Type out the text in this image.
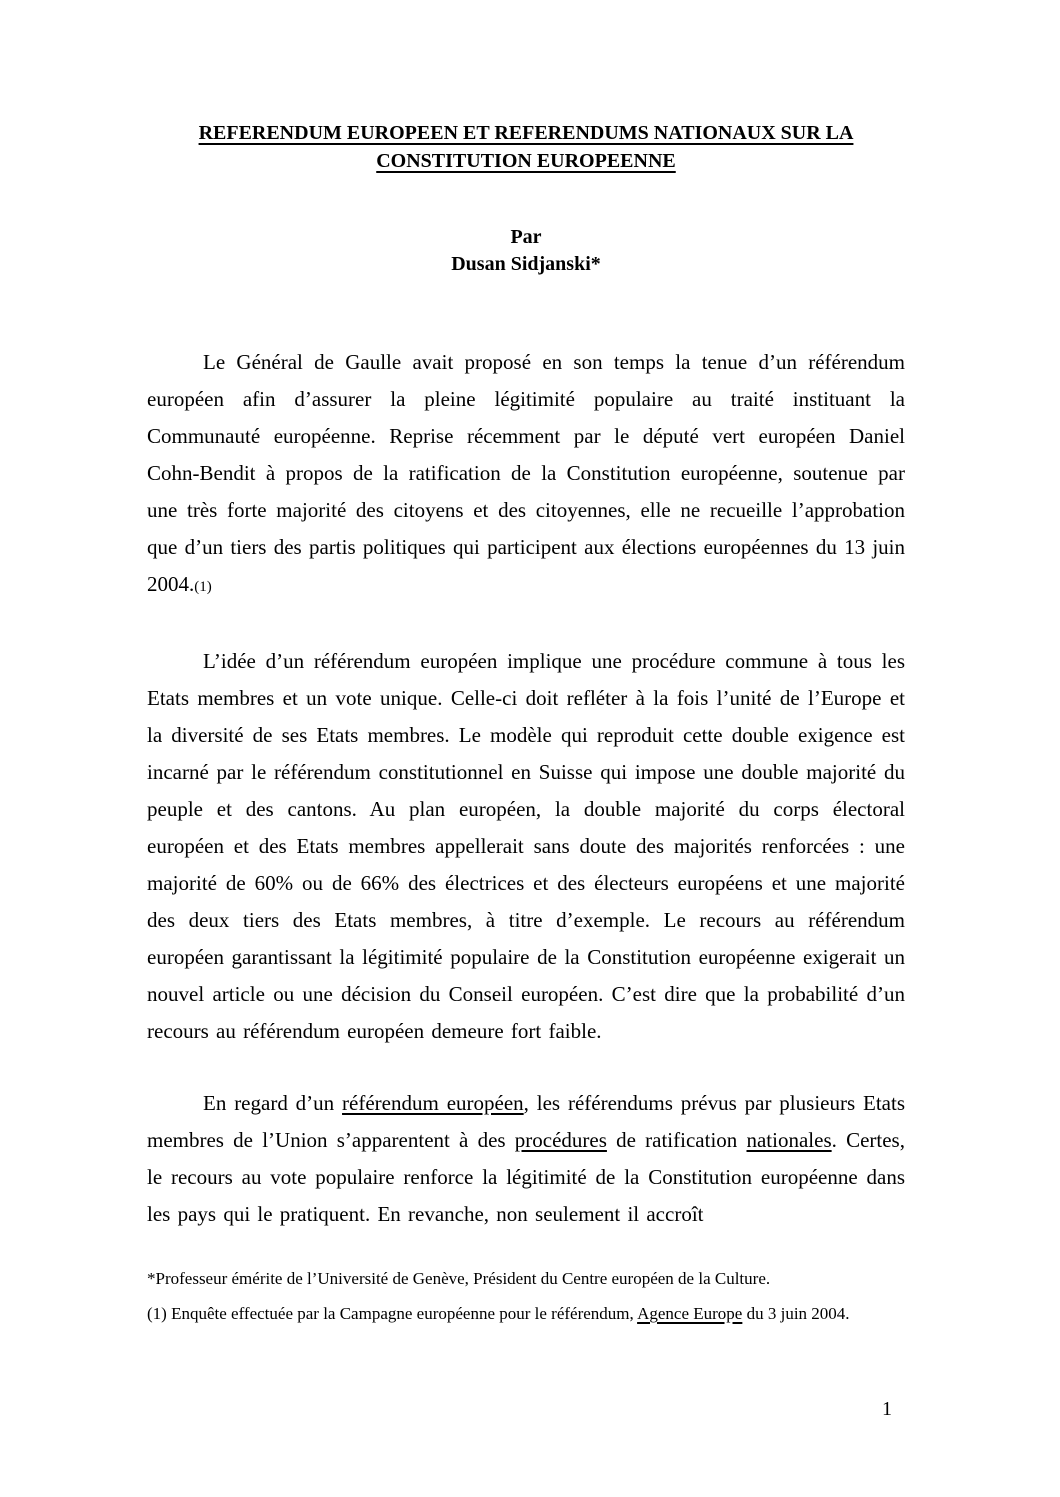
REFERENDUM EUROPEEN ET REFERENDUMS NATIONAUX SUR LA
CONSTITUTION EUROPEENNE
Par
Dusan Sidjanski*

Le Général de Gaulle avait proposé en son temps la tenue d’un référendum européen afin d’assurer la pleine légitimité populaire au traité instituant la Communauté européenne. Reprise récemment par le député vert européen Daniel Cohn-Bendit à propos de la ratification de la Constitution européenne, soutenue par une très forte majorité des citoyens et des citoyennes, elle ne recueille l’approbation que d’un tiers des partis politiques qui participent aux élections européennes du 13 juin 2004.(1)

L’idée d’un référendum européen implique une procédure commune à tous les Etats membres et un vote unique. Celle-ci doit refléter à la fois l’unité de l’Europe et la diversité de ses Etats membres. Le modèle qui reproduit cette double exigence est incarné par le référendum constitutionnel en Suisse qui impose une double majorité du peuple et des cantons. Au plan européen, la double majorité du corps électoral européen et des Etats membres appellerait sans doute des majorités renforcées : une majorité de 60% ou de 66% des électrices et des électeurs européens et une majorité des deux tiers des Etats membres, à titre d’exemple. Le recours au référendum européen garantissant la légitimité populaire de la Constitution européenne exigerait un nouvel article ou une décision du Conseil européen. C’est dire que la probabilité d’un recours au référendum européen demeure fort faible.

En regard d’un référendum européen, les référendums prévus par plusieurs Etats membres de l’Union s’apparentent à des procédures de ratification nationales. Certes, le recours au vote populaire renforce la légitimité de la Constitution européenne dans les pays qui le pratiquent. En revanche, non seulement il accroît

*Professeur émérite de l’Université de Genève, Président du Centre européen de la Culture.

(1) Enquête effectuée par la Campagne européenne pour le référendum, Agence Europe du 3 juin 2004.

1
